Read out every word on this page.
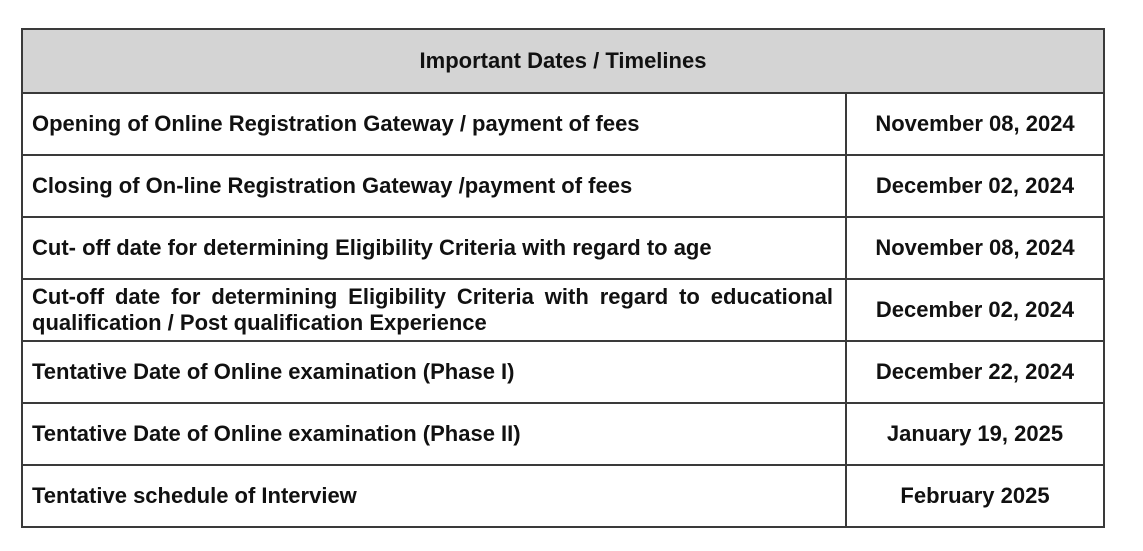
Important Dates / Timelines	
Opening of Online Registration Gateway / payment of fees	November 08, 2024
Closing of On-line Registration Gateway /payment of fees	December 02, 2024
Cut- off date for determining Eligibility Criteria with regard to age	November 08, 2024
Cut-off date for determining Eligibility Criteria with regard to educational qualification / Post qualification Experience	December 02, 2024
Tentative Date of Online examination (Phase I)	December 22, 2024
Tentative Date of Online examination (Phase II)	January 19, 2025
Tentative schedule of Interview	February 2025
